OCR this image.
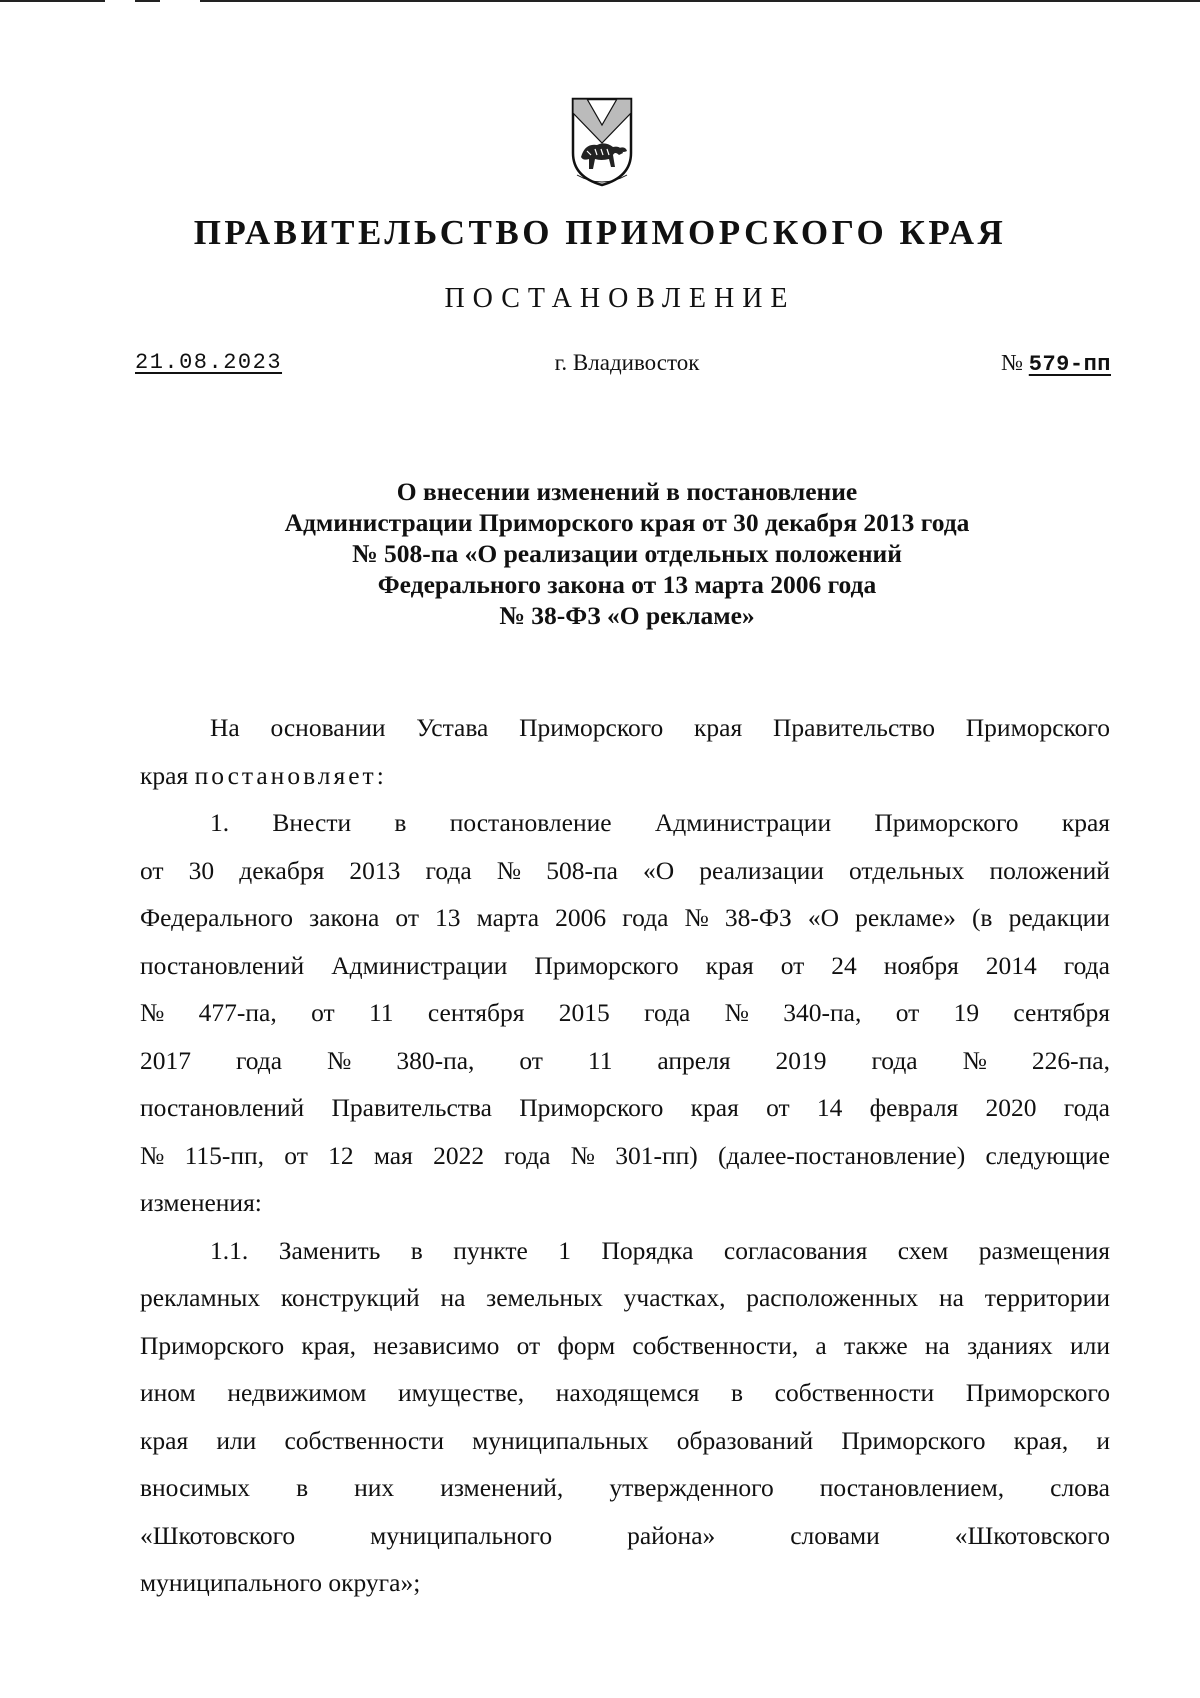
ПРАВИТЕЛЬСТВО ПРИМОРСКОГО КРАЯ
ПОСТАНОВЛЕНИЕ
21.08.2023	г. Владивосток	№ 579-пп
О внесении изменений в постановление
Администрации Приморского края от 30 декабря 2013 года
№ 508-па «О реализации отдельных положений
Федерального закона от 13 марта 2006 года
№ 38-ФЗ «О рекламе»
На основании Устава Приморского края Правительство Приморского
края
постановляет:
1. Внести в постановление Администрации Приморского края
от 30 декабря 2013 года № 508-па «О реализации отдельных положений
Федерального закона от 13 марта 2006 года № 38-ФЗ «О рекламе» (в редакции
постановлений Администрации Приморского края от 24 ноября 2014 года
№ 477-па, от 11 сентября 2015 года № 340-па, от 19 сентября
2017 года № 380-па, от 11 апреля 2019 года № 226-па,
постановлений Правительства Приморского края от 14 февраля 2020 года
№ 115-пп, от 12 мая 2022 года № 301-пп) (далее-постановление) следующие
изменения:
1.1. Заменить в пункте 1 Порядка согласования схем размещения
рекламных конструкций на земельных участках, расположенных на территории
Приморского края, независимо от форм собственности, а также на зданиях или
ином недвижимом имуществе, находящемся в собственности Приморского
края или собственности муниципальных образований Приморского края, и
вносимых в них изменений, утвержденного постановлением, слова
«Шкотовского	муниципального	района»	словами	«Шкотовского
муниципального округа»;
